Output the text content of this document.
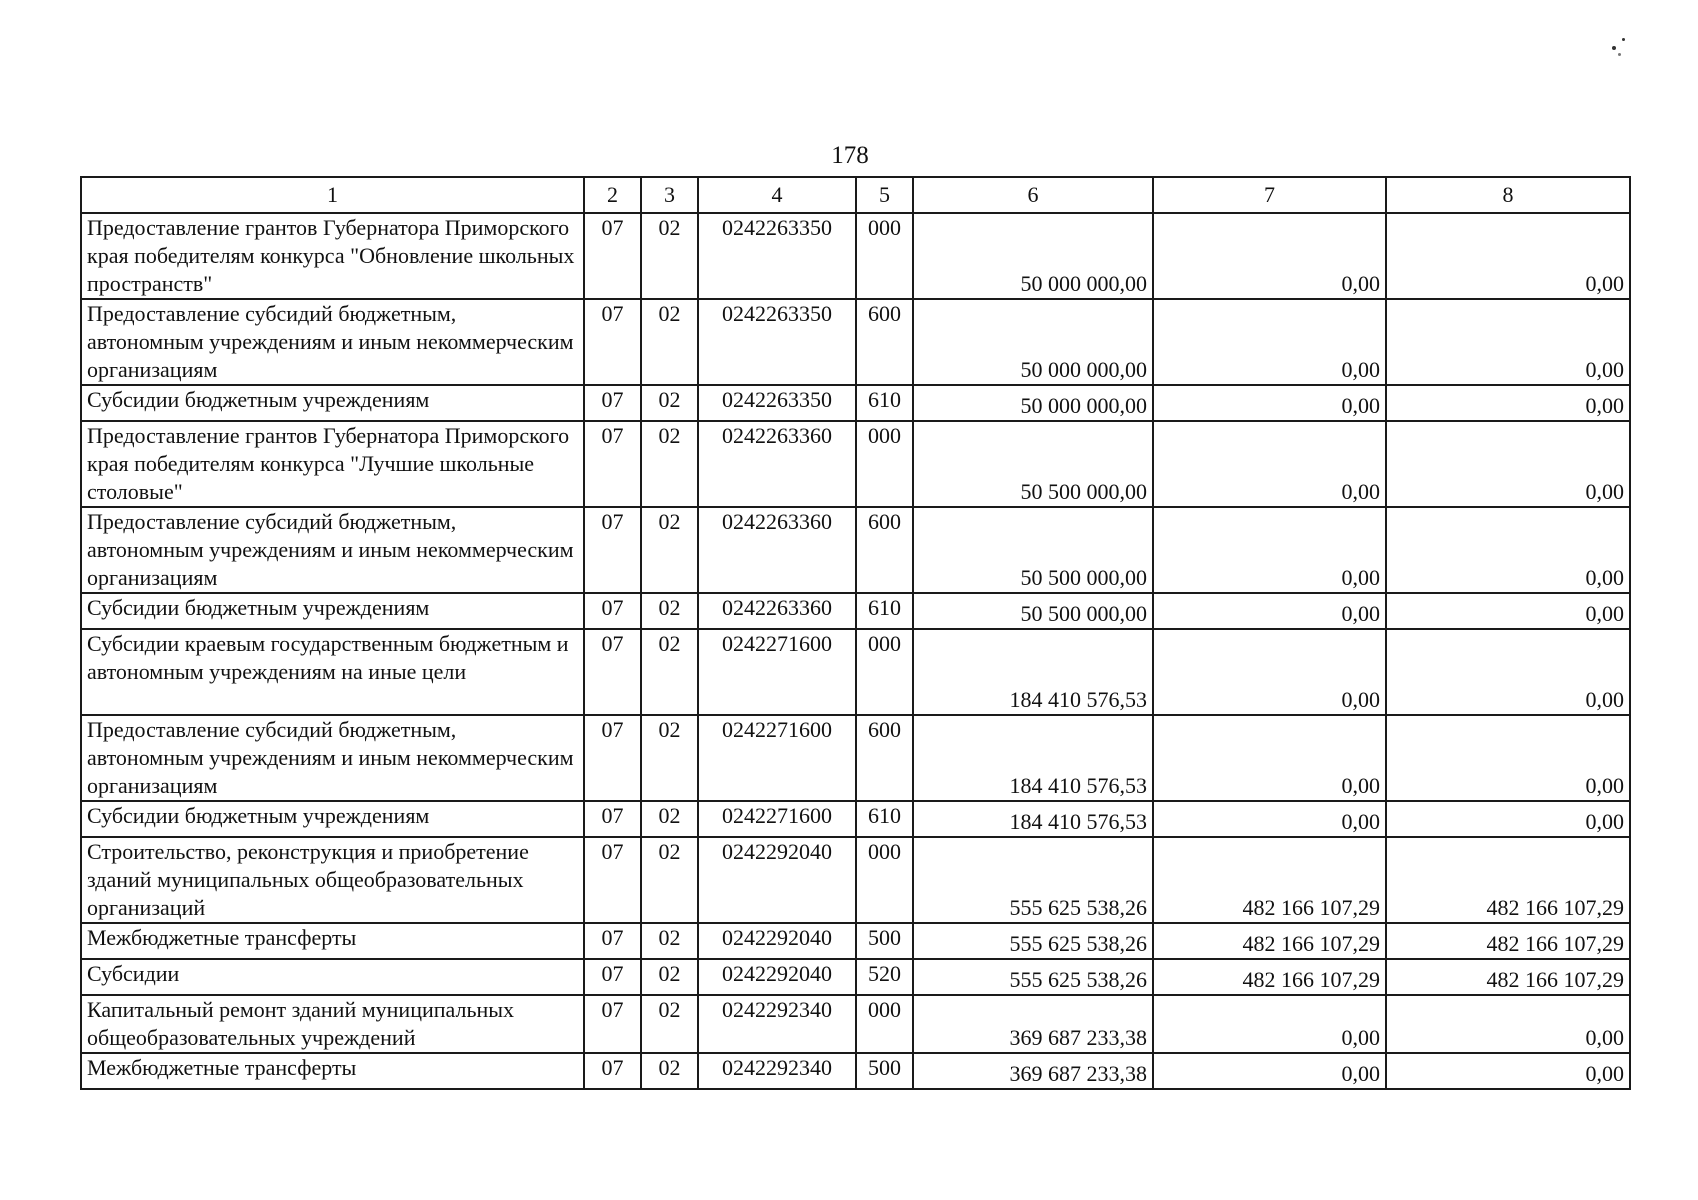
178
1	2	3	4	5	6	7	8
Предоставление грантов Губернатора Приморского края победителям конкурса "Обновление школьных пространств"	07	02	0242263350	000	50 000 000,00	0,00	0,00
Предоставление субсидий бюджетным, автономным учреждениям и иным некоммерческим организациям	07	02	0242263350	600	50 000 000,00	0,00	0,00
Субсидии бюджетным учреждениям	07	02	0242263350	610	50 000 000,00	0,00	0,00
Предоставление грантов Губернатора Приморского края победителям конкурса "Лучшие школьные столовые"	07	02	0242263360	000	50 500 000,00	0,00	0,00
Предоставление субсидий бюджетным, автономным учреждениям и иным некоммерческим организациям	07	02	0242263360	600	50 500 000,00	0,00	0,00
Субсидии бюджетным учреждениям	07	02	0242263360	610	50 500 000,00	0,00	0,00
Субсидии краевым государственным бюджетным и автономным учреждениям на иные цели	07	02	0242271600	000	184 410 576,53	0,00	0,00
Предоставление субсидий бюджетным, автономным учреждениям и иным некоммерческим организациям	07	02	0242271600	600	184 410 576,53	0,00	0,00
Субсидии бюджетным учреждениям	07	02	0242271600	610	184 410 576,53	0,00	0,00
Строительство, реконструкция и приобретение зданий муниципальных общеобразовательных организаций	07	02	0242292040	000	555 625 538,26	482 166 107,29	482 166 107,29
Межбюджетные трансферты	07	02	0242292040	500	555 625 538,26	482 166 107,29	482 166 107,29
Субсидии	07	02	0242292040	520	555 625 538,26	482 166 107,29	482 166 107,29
Капитальный ремонт зданий муниципальных общеобразовательных учреждений	07	02	0242292340	000	369 687 233,38	0,00	0,00
Межбюджетные трансферты	07	02	0242292340	500	369 687 233,38	0,00	0,00
